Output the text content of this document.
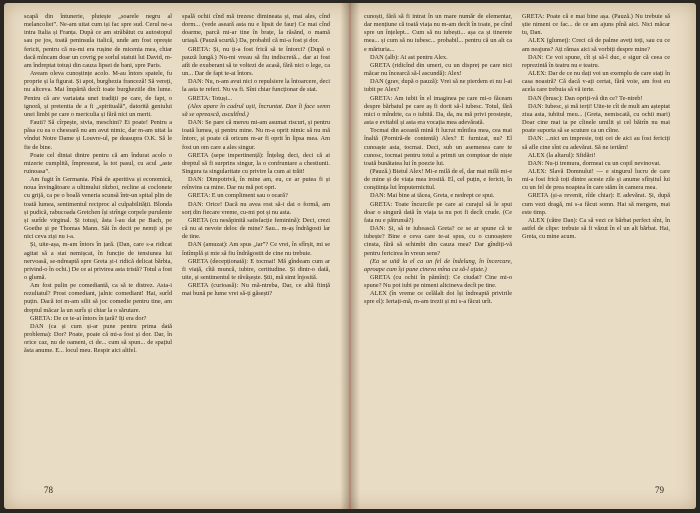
scapă din întunerie, plutește „soarele negru al melancoliei”. Ne-am uitat cum iși fac spre sud. Cerul ne-a intra Italia și Franța. Dupã ce am străbătut cu autostopul sau pe jos, toată peninsula italică, unde am fost oprește fericit, pentru că nu-mi era rușine de micenia mea, chiar dacă mîncam doar un covrig pe sorlul statuii lui David, m-am îndreptat totuși din cauza lipsei de bani, spre Paris.

Aveam oleva cunoștințe acolo. M-au întors spatele, fu proprie și la figurat. Și apoi, burghezia franceză! Să vereți, nu altceva. Mai împărtă decît toate burgheziile din lume. Pentru că are variatata unei tradiții pe care, de fapt, o ignoră, și pretentia de a fi „spirituală”, datorită geniului unei limbi pe care o mericulia și fără nici un merit.

Fauti? Să cîrpește, stvia, meschini? Ei poate! Pentru a păsa cu ea o chesoară nu am avut nimic, dar m-am uitat la vîndut Notre Dame și Louvre-ul, pe deasupra O.K. Să le fie de bine.

Poate cel dintai dintre pentru că am îndurat acolo o mizerie cumplită, împresurat, la tot pasul, cu acul „aste ruinoasa”.

Am fugit în Germania. Pînă de aperitiva și economică, noua învingătoare a ultimului război, recline ai coclonete cu grijă, ca pe o boală veneria scunsă într-un spital plin de toată lumea, sentimentul reciproc al culpabilității. Blonda și pudică, rabucoada Gretchen își strînge corpele purulente și surîde virginal. Și totuși, ăsta l-au dat pe Bach, pe Goethe și pe Thomas Mann. Săi în decit pe nemți și pe nici ceva ziși nu i-a.

Și, uite-așa, m-am întors în țară. (Dan, care s-a ridicat agitat să a stat nemișcat, în funcție de tensiunea lui nervoasă, se-ndreaptă spre Greta și-i ridică delicat bărbia, privind-o în ochi.) De ce ai privirea asta tristă? Totul a fost o glumă.

Am fost pulin pe comediantă, ca să te distrez. Asta-i rezultatul? Prost comediant, jalnic comediant! Hai, surîd puțin. Dacă tot m-am silit să joc comedie pentru tine, am dreptul măcar la un surîs și chiar la o sărutare.

GRETA: De ce te-ai întors în țară? Iți era dor?

DAN (ca și cum și-ar pune pentru prima dată problema): Dor? Poate, poate că mi-a fost și dor. Dar, în orice caz, nu de oameni, ci de... cum să spun... de spațiul ăsta anume. E... locul meu. Respir aici altfel.

spală ochii cînd mă trezesc dimineata și, mai ales, cînd dorm... (vede aseară asta nu e lipsit de faur) Ce mai cînd doarme, parcă mi-ar tine în brațe, la răsănd, o mamă uriașă. (Pauză scurtă.) Da, probabil că mi-a fost și dor.

GRETA: Și, nu ți-a fost frică să te întorci? (După o pauză lungă.) Nu-mi vreau să fiu indiscretă... dar ai fost atît de exuberant să te voltezi de acasă, fără nici o lege, ca un... Dar de fapt te-ai întors.

DAN: Nu, n-am avut nici o repulsiere la întoarcere, deci la asta te referi. Nu va fi. Sînt chiar funcționar de stat.

GRETA: Totuși...

(Alex apare în cadrul ușii, încruntat. Dan îi face semn să se oprească, ascultînd.)

DAN: Se pare că mereu mi-am asumat riscuri, și pentru toată lumea, și pentru mine. Nu m-a oprit nimic să nu mă întorc, și poate că oricum m-ar fi oprit în lipsa mea. Am fost un om care a ales singur.

GRETA (sepe impertinență): Înțeleg deci, deci că ai dreptul să fi surprins singur, la o confruntare a chestiunii. Singura ta singularitate cu privire la cum ai trăit!

DAN: Dimpotrivă, în mine am, eu, ce ar putea fi și reînvins ca mine. Dar nu mă pot opri.

GRETA: E un compliment sau o ocară?

DAN: Orice! Dacă nu avea rost să-i dai o formă, am sorț din fiecare vreme, cu-mi pot și nu asta.

GRETA (cu nesăpinită satisfacție feminină): Deci, crezi că nu ai nevoie deloc de mine? Sau... m-aș îndrăgosti lar de tine.

DAN (amuzat): Am spus „iar”? Ce vrei, în sfîrșit, mi se întîmplă și mie să fiu îndrăgostit de cine nu trebuie.

GRETA (decepționată): E tocmai! Mă gîndeam cum ar fi viață, cîtă muncă, iubire, certitudine. Și dintr-o dată, uite, și sentimentul te răvășește. Știi, mă simt înjosită.

GRETA (curioasă): Nu mă-ntreba, Dar, ce altă ființă mai bună pe lume vrei să-ți găsești?

78

cunoști, fără să fi intrat în un mare număr de elementar, dar mențiune că toată viața nu m-am decît în toate, pe cînd spre un înțelept... Cum să nu iubești... așa ca și tinerete mea... și cum să nu iubesc... probabil... pentru că un alt ca e mărturia...

DAN (alb): Ai ast pentru Alex.

GRETA (ridicînd din umeri, cu un dispreț pe care nici măcar nu încearcă să-l ascundă): Alex!

DAN (grav, după o pauză): Vrei să ne pierdem ei nu l-ai iubit pe Alex?

GRETA: Am iubit în el imaginea pe care mi-o făceam despre bărbatul pe care aș fi dorit să-l iubesc. Totul, fără mici o mîndrie, ca o iubită. Da, da, nu mă privi prostește, asta e evitabil și asta era vocația mea adevărată.

Tocmai din această mină fi lucrat mînilea mea, cea mai înaltă (Porniră-de contentă) Alex? E furnizat, nu? El cunoaște asta, tocmai. Deci, sub un asemenea care te cunosc, tocmai pentru totul a primit un comptoar de niște toată bunătatea lui în poezie lui.

(Pauză.) Bietul Alex! Mi-e milă de el, dar mai milă mi-e de mine și de viața mea irosită. El, cel puțin, e fericit, în conștiința lui împuternicitul.

DAN: Mai bine ai tăcea, Greta, e nedrept ce spui.

GRETA: Toate încurcile pe care ai curajul să le spui doar o singură dată în viața ta nu pot fi decît crude. (Ce fata nu e pătrunsă?)

DAN: Și, să te iubească Greta? ce se ar spune că te iubește? Bine e ceva care te-ai spus, cu o cunoaștere cinsta, fără să schimbi din cauza mea? Dar gîndiți-vă pentru fericirea în vreun sens?

(Ea se uită la el ca un fel de îndelung, în încercare, aproape cum își pune cineva mîna ca să-l ajute.)

GRETA (cu ochii în pămînt): Ce ciudat? Cine mi-o spune? Nu pot iubi pe nimeni altcineva decît pe tine.

ALEX (în vreme ce celălalt doi își îndreaptă privirile spre el): Iertați-mă, m-am trezit și mi s-a făcut urît.

GRETA: Poate că e mai bine așa. (Pauză.) Nu trebuie să știe nimeni ce fac... de ce am ajuns pînă aici. Nici măcar tu, Dan.

ALEX (glumeț): Creci că de palme aveți toți, sau cu ce am neajuns? Ați rămas aici să vorbiți despre mine?

DAN: Ce voi spune, cît și să-l duc, e sigur că ceea ce reprezintă în teatru nu e teatru.

ALEX: Dar de ce nu dați voi un exemplu de care stați în casa noastră? Că dacă v-ați certat, fără voie, am fost eu acela care trebuia să vă ierte.

DAN (brusc): Dan opriți-vă din ce? Te-ntreb!

DAN: Iubesc, și mă ierți! Uite-te cît de mult am așteptat ziua asta, iubitul meu... (Greta, nemiscată, cu ochii mari) Doar cine mai ia pe cîinele umilit și cel bătrîn nu mai poate suporta să se scuture ca un cîine.

DAN: ...nici un impresie, toți cei de aici au fost fericiți să afle cine sînt cu adevărat. Să ne iertăm!

ALEX (la altarul): Sfidări!

DAN: Nu-ți tremura, dormeai cu un copil nevinovat.

ALEX: Slavă Domnului! — e singurul lucru de care mi-a fost frică toți dintre aceste zile și anume sfîrșitul lui cu un fel de prea noaptea în care stăm în camera mea.

GRETA (și-a revenit, rîde chiar): E adevărat. Și, după cum vezi dragă, mi s-a făcut somn. Hai să mergem, mai este timp.

ALEX (către Dan): Ca să vezi ce bărbat perfect sînt, în astfel de clipe: trebuie să fi văzut în el un alt bărbat. Hai, Greta, cu mine acum.

79
